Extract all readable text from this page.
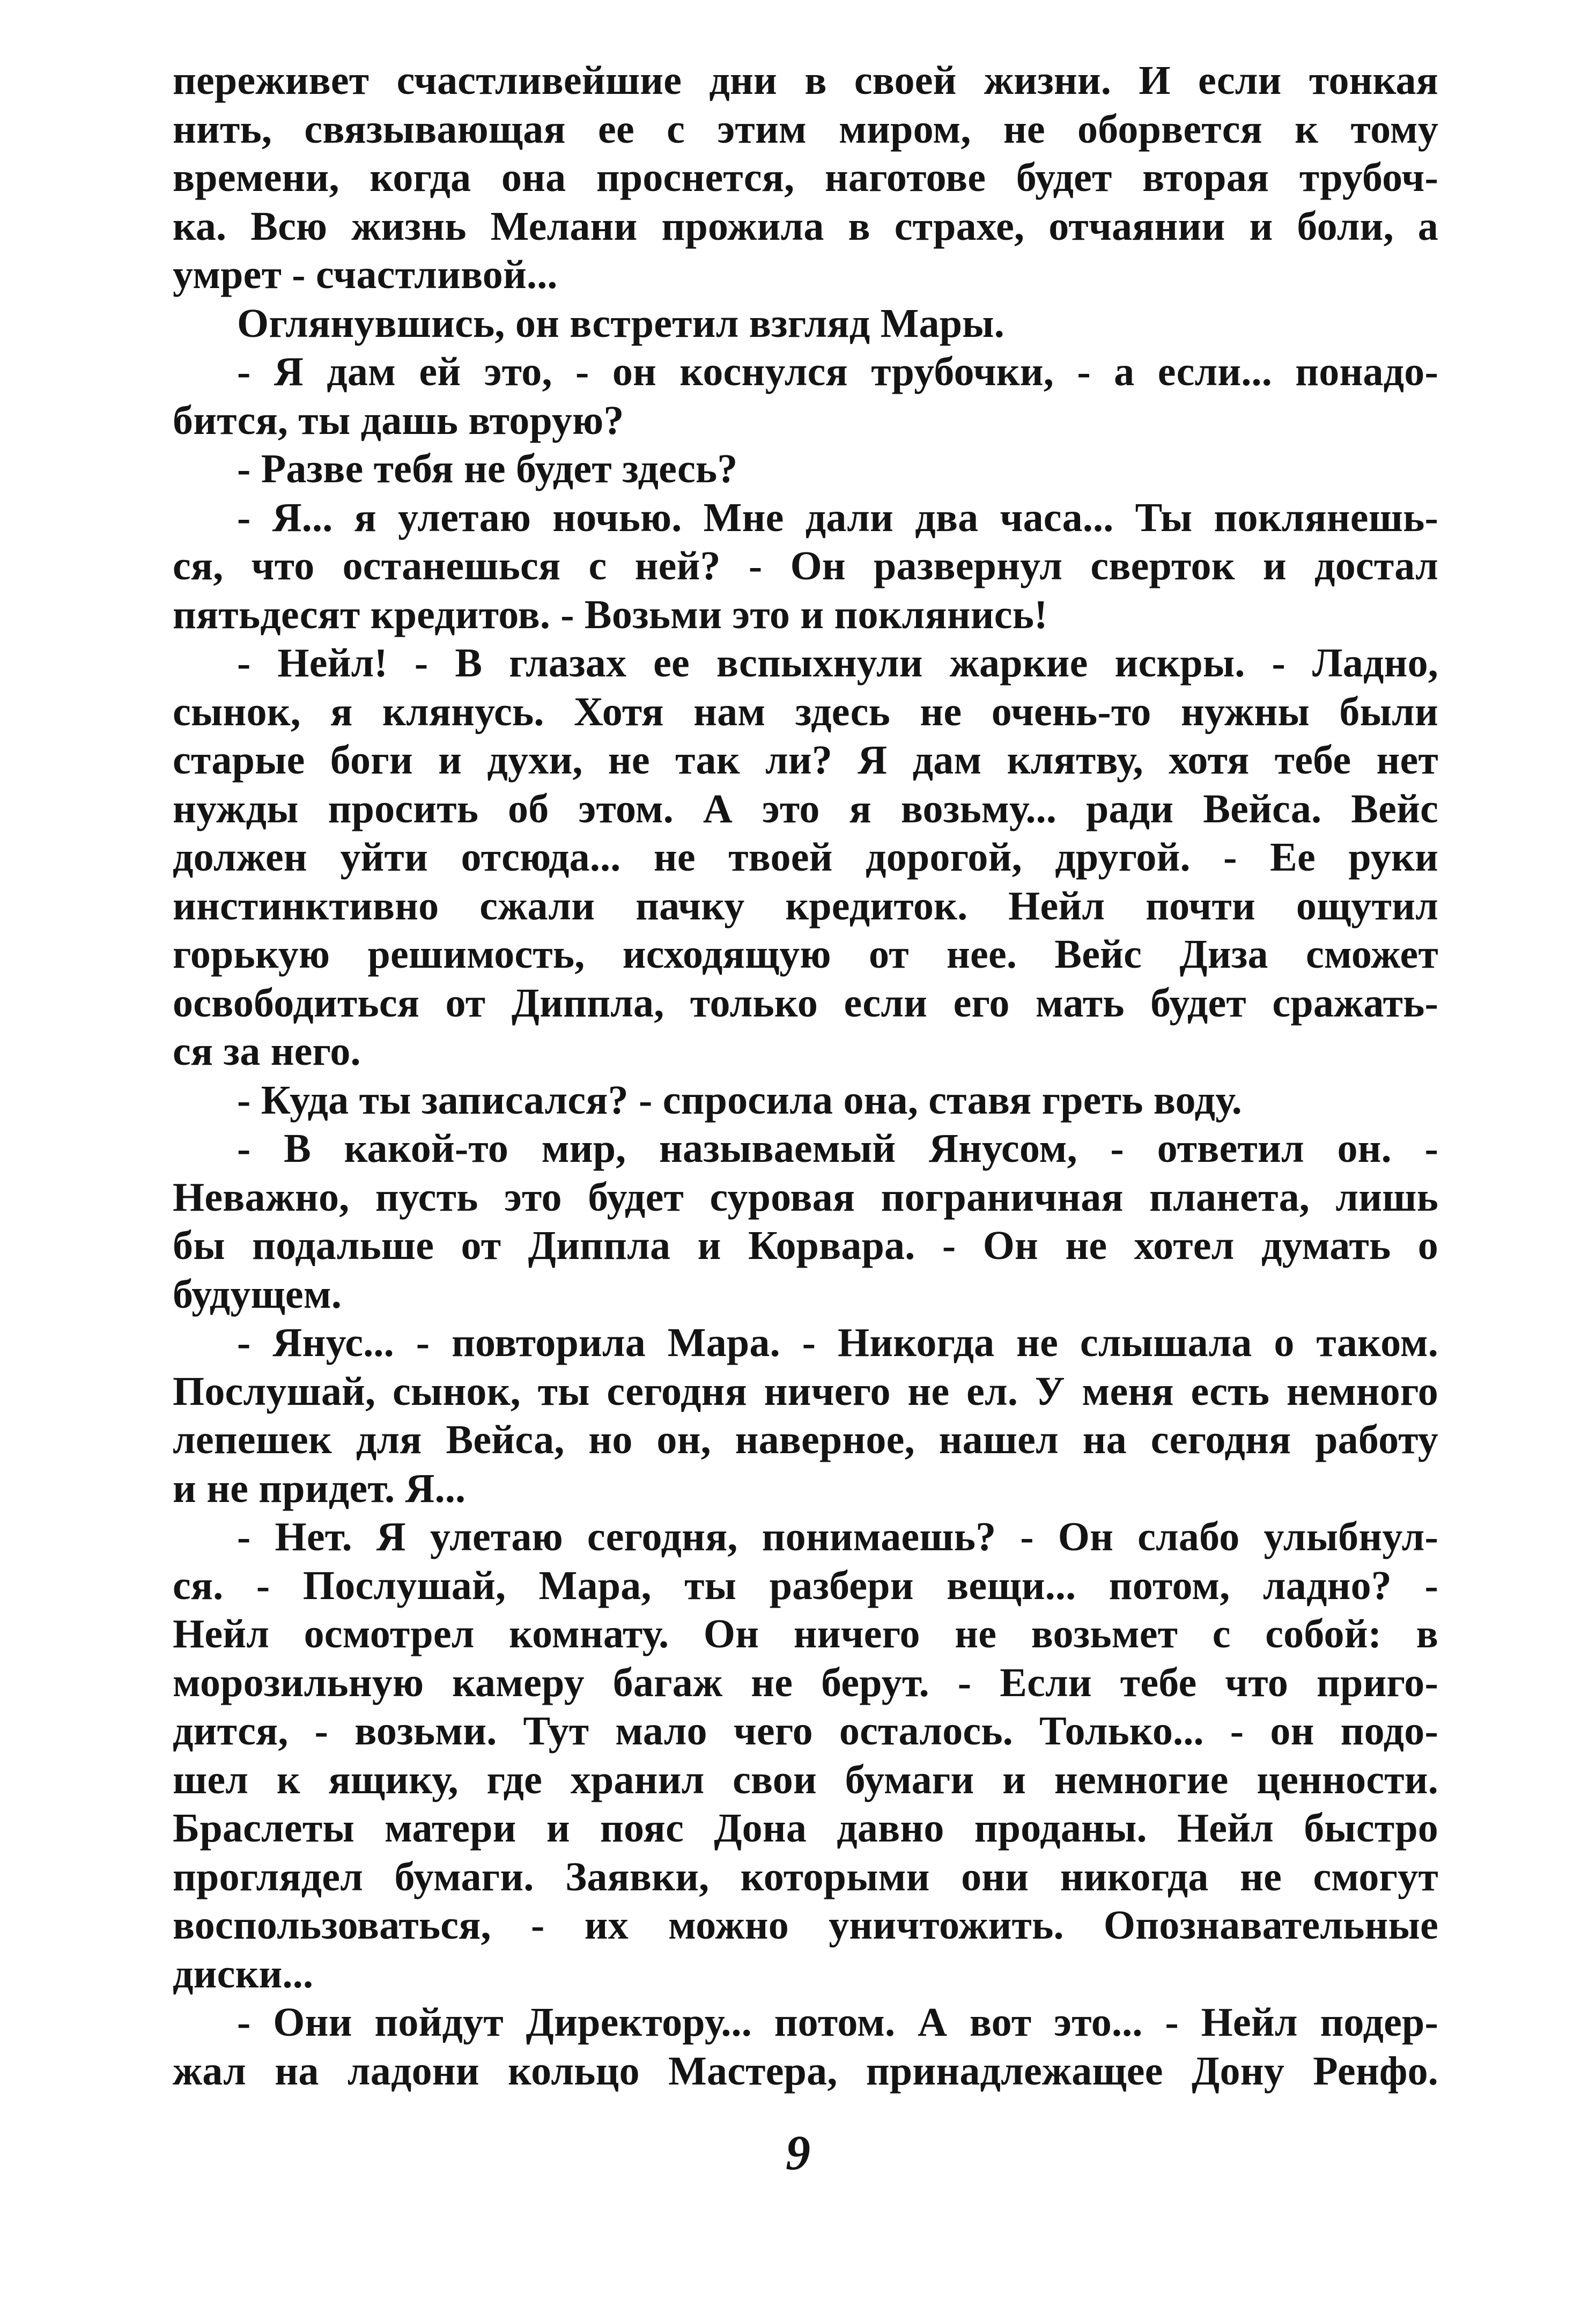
переживет счастливейшие дни в своей жизни. И если тонкая
нить, связывающая ее с этим миром, не оборвется к тому
времени, когда она проснется, наготове будет вторая трубоч-
ка. Всю жизнь Мелани прожила в страхе, отчаянии и боли, а
умрет - счастливой...
Оглянувшись, он встретил взгляд Мары.
- Я дам ей это, - он коснулся трубочки, - а если... понадо-
бится, ты дашь вторую?
- Разве тебя не будет здесь?
- Я... я улетаю ночью. Мне дали два часа... Ты поклянешь-
ся, что останешься с ней? - Он развернул сверток и достал
пятьдесят кредитов. - Возьми это и поклянись!
- Нейл! - В глазах ее вспыхнули жаркие искры. - Ладно,
сынок, я клянусь. Хотя нам здесь не очень-то нужны были
старые боги и духи, не так ли? Я дам клятву, хотя тебе нет
нужды просить об этом. А это я возьму... ради Вейса. Вейс
должен уйти отсюда... не твоей дорогой, другой. - Ее руки
инстинктивно сжали пачку кредиток. Нейл почти ощутил
горькую решимость, исходящую от нее. Вейс Диза сможет
освободиться от Диппла, только если его мать будет сражать-
ся за него.
- Куда ты записался? - спросила она, ставя греть воду.
- В какой-то мир, называемый Янусом, - ответил он. -
Неважно, пусть это будет суровая пограничная планета, лишь
бы подальше от Диппла и Корвара. - Он не хотел думать о
будущем.
- Янус... - повторила Мара. - Никогда не слышала о таком.
Послушай, сынок, ты сегодня ничего не ел. У меня есть немного
лепешек для Вейса, но он, наверное, нашел на сегодня работу
и не придет. Я...
- Нет. Я улетаю сегодня, понимаешь? - Он слабо улыбнул-
ся. - Послушай, Мара, ты разбери вещи... потом, ладно? -
Нейл осмотрел комнату. Он ничего не возьмет с собой: в
морозильную камеру багаж не берут. - Если тебе что приго-
дится, - возьми. Тут мало чего осталось. Только... - он подо-
шел к ящику, где хранил свои бумаги и немногие ценности.
Браслеты матери и пояс Дона давно проданы. Нейл быстро
проглядел бумаги. Заявки, которыми они никогда не смогут
воспользоваться, - их можно уничтожить. Опознавательные
диски...
- Они пойдут Директору... потом. А вот это... - Нейл подер-
жал на ладони кольцо Мастера, принадлежащее Дону Ренфо.
9
